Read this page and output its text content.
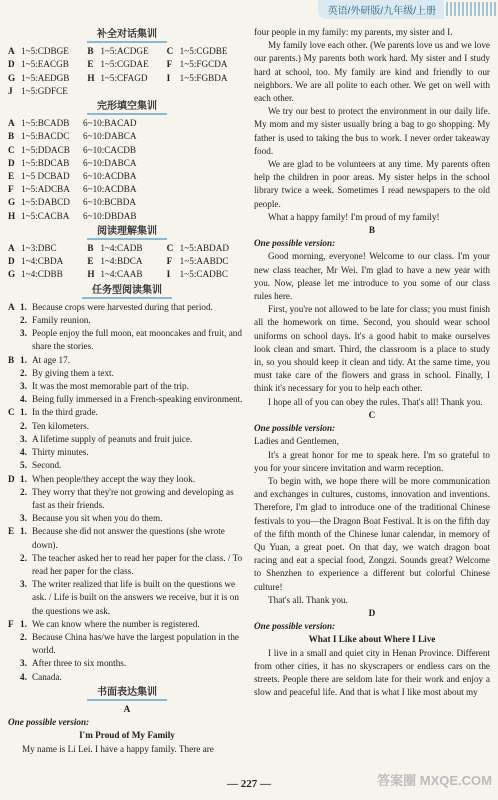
英语/外研版/九年级/上册
补全对话集训
A 1~5:CDBGE	B 1~5:ACDGE	C 1~5:CGDBE
D 1~5:EACGB	E 1~5:CGDAE	F 1~5:FGCDA
G 1~5:AEDGB	H 1~5:CFAGD	I 1~5:FGBDA
J 1~5:GDFCE
完形填空集训
A 1~5:BCADB	6~10:BACAD
B 1~5:BACDC	6~10:DABCA
C 1~5:DDACB	6~10:CACDB
D 1~5:BDCAB	6~10:DABCA
E 1~5 DCBAD	6~10:ACDBA
F 1~5:ADCBA	6~10:ACDBA
G 1~5:DABCD	6~10:BCBDA
H 1~5:CACBA	6~10:DBDAB
阅读理解集训
A 1~3:DBC	B 1~4:CADB	C 1~5:ABDAD
D 1~4:CBDA	E 1~4:BDCA	F 1~5:AABDC
G 1~4:CDBB	H 1~4:CAAB	I 1~5:CADBC
任务型阅读集训
A 1. Because crops were harvested during that period.
2. Family reunion.
3. People enjoy the full moon, eat mooncakes and fruit, and share the stories.
B 1. At age 17.
2. By giving them a text.
3. It was the most memorable part of the trip.
4. Being fully immersed in a French-speaking environment.
C 1. In the third grade.
2. Ten kilometers.
3. A lifetime supply of peanuts and fruit juice.
4. Thirty minutes.
5. Second.
D 1. When people/they accept the way they look.
2. They worry that they're not growing and developing as fast as their friends.
3. Because you sit when you do them.
E 1. Because she did not answer the questions (she wrote down).
2. The teacher asked her to read her paper for the class. / To read her paper for the class.
3. The writer realized that life is built on the questions we ask. / Life is built on the answers we receive, but it is on the questions we ask.
F 1. We can know where the number is registered.
2. Because China has/we have the largest population in the world.
3. After three to six months.
4. Canada.
书面表达集训
A
One possible version:
I'm Proud of My Family
My name is Li Lei. I have a happy family. There are
four people in my family: my parents, my sister and I.
My family love each other. (We parents love us and we love our parents.) My parents both work hard. My sister and I study hard at school, too. My family are kind and friendly to our neighbors. We are all polite to each other. We get on well with each other.
We try our best to protect the environment in our daily life. My mom and my sister usually bring a bag to go shopping. My father is used to taking the bus to work. I never order takeaway food.
We are glad to be volunteers at any time. My parents often help the children in poor areas. My sister helps in the school library twice a week. Sometimes I read newspapers to the old people.
What a happy family! I'm proud of my family!
B
One possible version:
Good morning, everyone! Welcome to our class. I'm your new class teacher, Mr Wei. I'm glad to have a new year with you. Now, please let me introduce to you some of our class rules here.
First, you're not allowed to be late for class; you must finish all the homework on time. Second, you should wear school uniforms on school days. It's a good habit to make ourselves look clean and smart. Third, the classroom is a place to study in, so you should keep it clean and tidy. At the same time, you must take care of the flowers and grass in school. Finally, I think it's necessary for you to help each other.
I hope all of you can obey the rules. That's all! Thank you.
C
One possible version:
Ladies and Gentlemen,
It's a great honor for me to speak here. I'm so grateful to you for your sincere invitation and warm reception.
To begin with, we hope there will be more communication and exchanges in cultures, customs, innovation and inventions. Therefore, I'm glad to introduce one of the traditional Chinese festivals to you—the Dragon Boat Festival. It is on the fifth day of the fifth month of the Chinese lunar calendar, in memory of Qu Yuan, a great poet. On that day, we watch dragon boat racing and eat a special food, Zongzi. Sounds great? Welcome to Shenzhen to experience a different but colorful Chinese culture!
That's all. Thank you.
D
One possible version:
What I Like about Where I Live
I live in a small and quiet city in Henan Province. Different from other cities, it has no skyscrapers or endless cars on the streets. People there are seldom late for their work and enjoy a slow and peaceful life. And that is what I like most about my
— 227 —	答案圈 MXQE.COM
